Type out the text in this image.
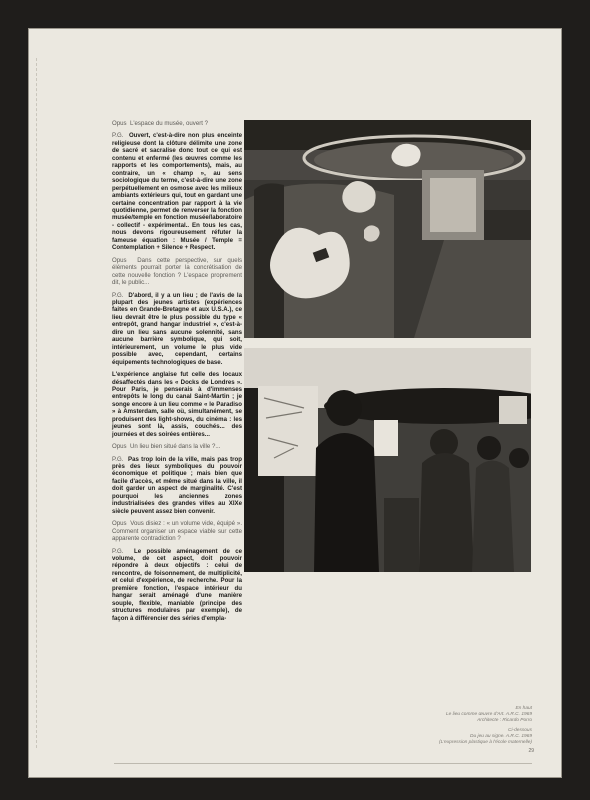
Opus L'espace du musée, ouvert ?

P.G. Ouvert, c'est-à-dire non plus enceinte religieuse dont la clôture délimite une zone de sacré et sacralise donc tout ce qui est contenu et enfermé (les œuvres comme les rapports et les comportements), mais, au contraire, un « champ », au sens sociologique du terme, c'est-à-dire une zone perpétuellement en osmose avec les milieux ambiants extérieurs qui, tout en gardant une certaine concentration par rapport à la vie quotidienne, permet de renverser la fonction musée/temple en fonction musée/laboratoire - collectif - expérimental.. En tous les cas, nous devons rigoureusement réfuter la fameuse équation : Musée / Temple = Contemplation + Silence + Respect.

Opus Dans cette perspective, sur quels éléments pourrait porter la concrétisation de cette nouvelle fonction ? L'espace proprement dit, le public...

P.G. D'abord, il y a un lieu ; de l'avis de la plupart des jeunes artistes (expériences faites en Grande-Bretagne et aux U.S.A.), ce lieu devrait être le plus possible du type « entrepôt, grand hangar industriel », c'est-à-dire un lieu sans aucune solennité, sans aucune barrière symbolique, qui soit, intérieurement, un volume le plus vide possible avec, cependant, certains équipements technologiques de base.

L'expérience anglaise fut celle des locaux désaffectés dans les « Docks de Londres ». Pour Paris, je penserais à d'immenses entrepôts le long du canal Saint-Martin ; je songe encore à un lieu comme « le Paradiso » à Amsterdam, salle où, simultanément, se produisent des light-shows, du cinéma : les jeunes sont là, assis, couchés... des journées et des soirées entières...

Opus Un lieu bien situé dans la ville ?...

P.G. Pas trop loin de la ville, mais pas trop près des lieux symboliques du pouvoir économique et politique ; mais bien que facile d'accès, et même situé dans la ville, il doit garder un aspect de marginalité. C'est pourquoi les anciennes zones industrialisées des grandes villes au XIXe siècle peuvent assez bien convenir.

Opus Vous disiez : « un volume vide, équipé ». Comment organiser un espace viable sur cette apparente contradiction ?

P.G. Le possible aménagement de ce volume, de cet aspect, doit pouvoir répondre à deux objectifs : celui de rencontre, de foisonnement, de multiplicité, et celui d'expérience, de recherche. Pour la première fonction, l'espace intérieur du hangar serait aménagé d'une manière souple, flexible, maniable (principe des structures modulaires par exemple), de façon à différencier des séries d'empla-

En haut
Le lieu comme œuvre d'Art. A.R.C. 1969
Architecte : Ricardo Porro
Ci-dessous
Du jeu au signe. A.R.C. 1969
(L'expression plastique à l'école maternelle)
29
